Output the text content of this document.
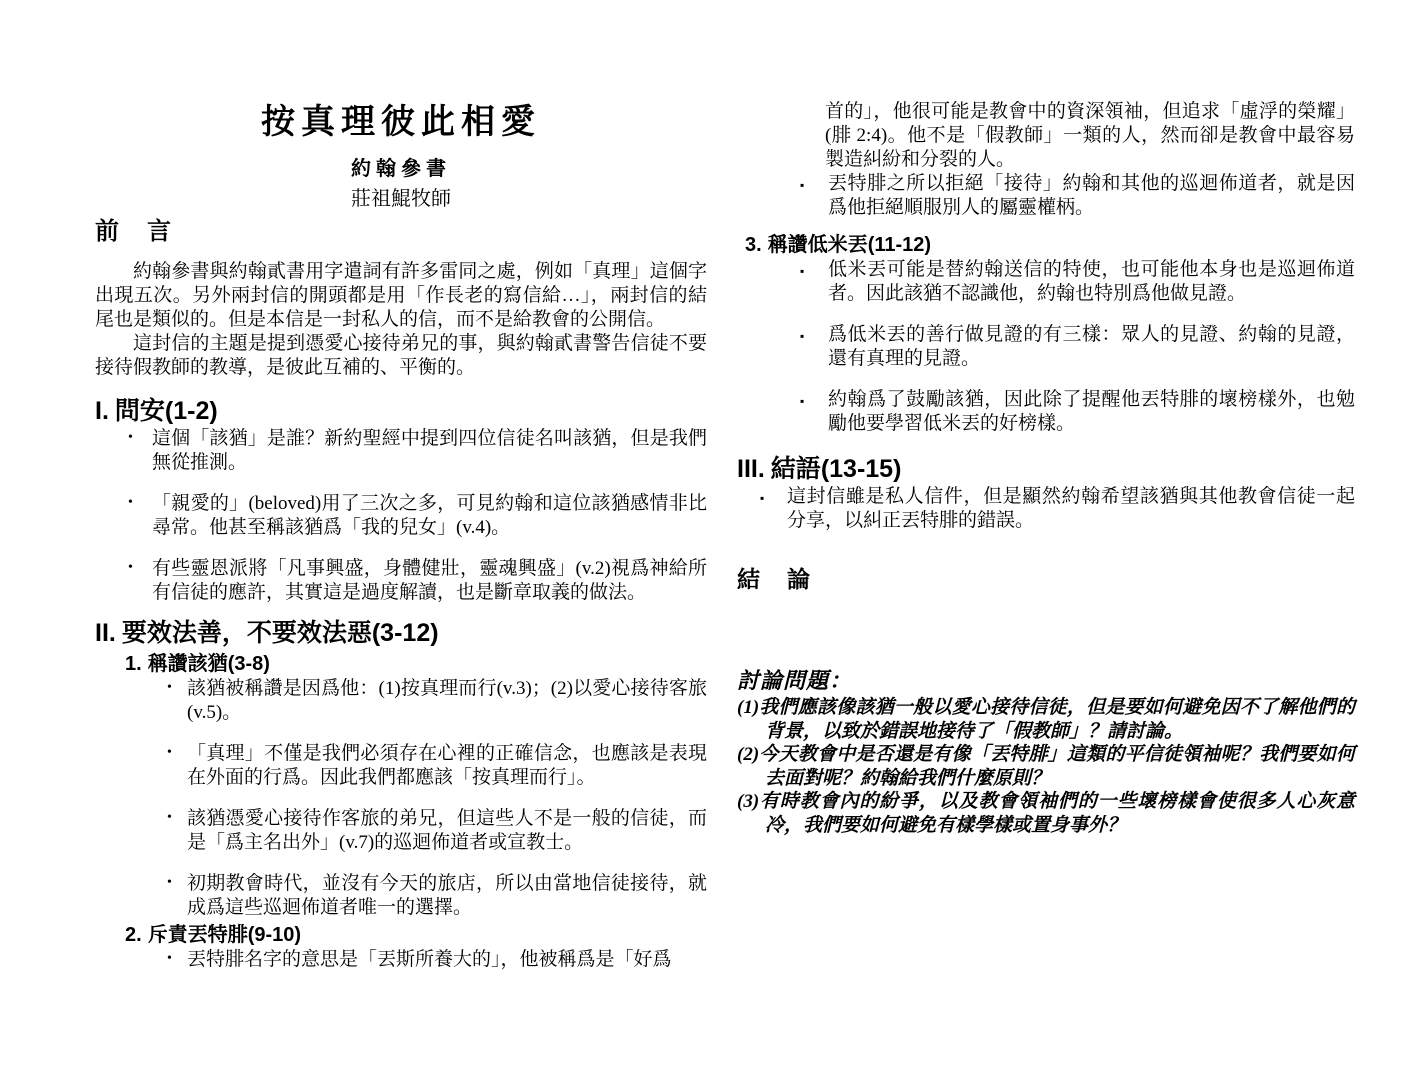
按真理彼此相愛
約翰參書
莊祖鯤牧師
前　言

約翰參書與約翰貳書用字遣詞有許多雷同之處，例如「真理」這個字出現五次。另外兩封信的開頭都是用「作長老的寫信給…」，兩封信的結尾也是類似的。但是本信是一封私人的信，而不是給教會的公開信。

這封信的主題是提到憑愛心接待弟兄的事，與約翰貳書警告信徒不要接待假教師的教導，是彼此互補的、平衡的。

I. 問安(1-2)
• 這個「該猶」是誰？新約聖經中提到四位信徒名叫該猶，但是我們無從推測。
• 「親愛的」(beloved)用了三次之多，可見約翰和這位該猶感情非比尋常。他甚至稱該猶爲「我的兒女」(v.4)。
• 有些靈恩派將「凡事興盛，身體健壯，靈魂興盛」(v.2)視爲神給所有信徒的應許，其實這是過度解讀，也是斷章取義的做法。
II. 要效法善，不要效法惡(3-12)
1. 稱讚該猶(3-8)
• 該猶被稱讚是因爲他：(1)按真理而行(v.3)；(2)以愛心接待客旅(v.5)。
• 「真理」不僅是我們必須存在心裡的正確信念，也應該是表現在外面的行爲。因此我們都應該「按真理而行」。
• 該猶憑愛心接待作客旅的弟兄，但這些人不是一般的信徒，而是「爲主名出外」(v.7)的巡迴佈道者或宣教士。
• 初期教會時代，並沒有今天的旅店，所以由當地信徒接待，就成爲這些巡迴佈道者唯一的選擇。
2. 斥責丟特腓(9-10)
• 丟特腓名字的意思是「丟斯所養大的」，他被稱爲是「好爲

首的」，他很可能是教會中的資深領袖，但追求「虛浮的榮耀」(腓 2:4)。他不是「假教師」一類的人，然而卻是教會中最容易製造糾紛和分裂的人。

▪ 丟特腓之所以拒絕「接待」約翰和其他的巡迴佈道者，就是因爲他拒絕順服別人的屬靈權柄。
3. 稱讚低米丟(11-12)
▪ 低米丟可能是替約翰送信的特使，也可能他本身也是巡迴佈道者。因此該猶不認識他，約翰也特別爲他做見證。
▪ 爲低米丟的善行做見證的有三樣：眾人的見證、約翰的見證，還有真理的見證。
▪ 約翰爲了鼓勵該猶，因此除了提醒他丟特腓的壞榜樣外，也勉勵他要學習低米丟的好榜樣。
III. 結語(13-15)
▪ 這封信雖是私人信件，但是顯然約翰希望該猶與其他教會信徒一起分享，以糾正丟特腓的錯誤。
結　論
討論問題：

(1)我們應該像該猶一般以愛心接待信徒，但是要如何避免因不了解他們的背景，以致於錯誤地接待了「假教師」？請討論。

(2)今天教會中是否還是有像「丟特腓」這類的平信徒領袖呢？我們要如何去面對呢？約翰給我們什麼原則？

(3)有時教會內的紛爭，以及教會領袖們的一些壞榜樣會使很多人心灰意冷，我們要如何避免有樣學樣或置身事外？
